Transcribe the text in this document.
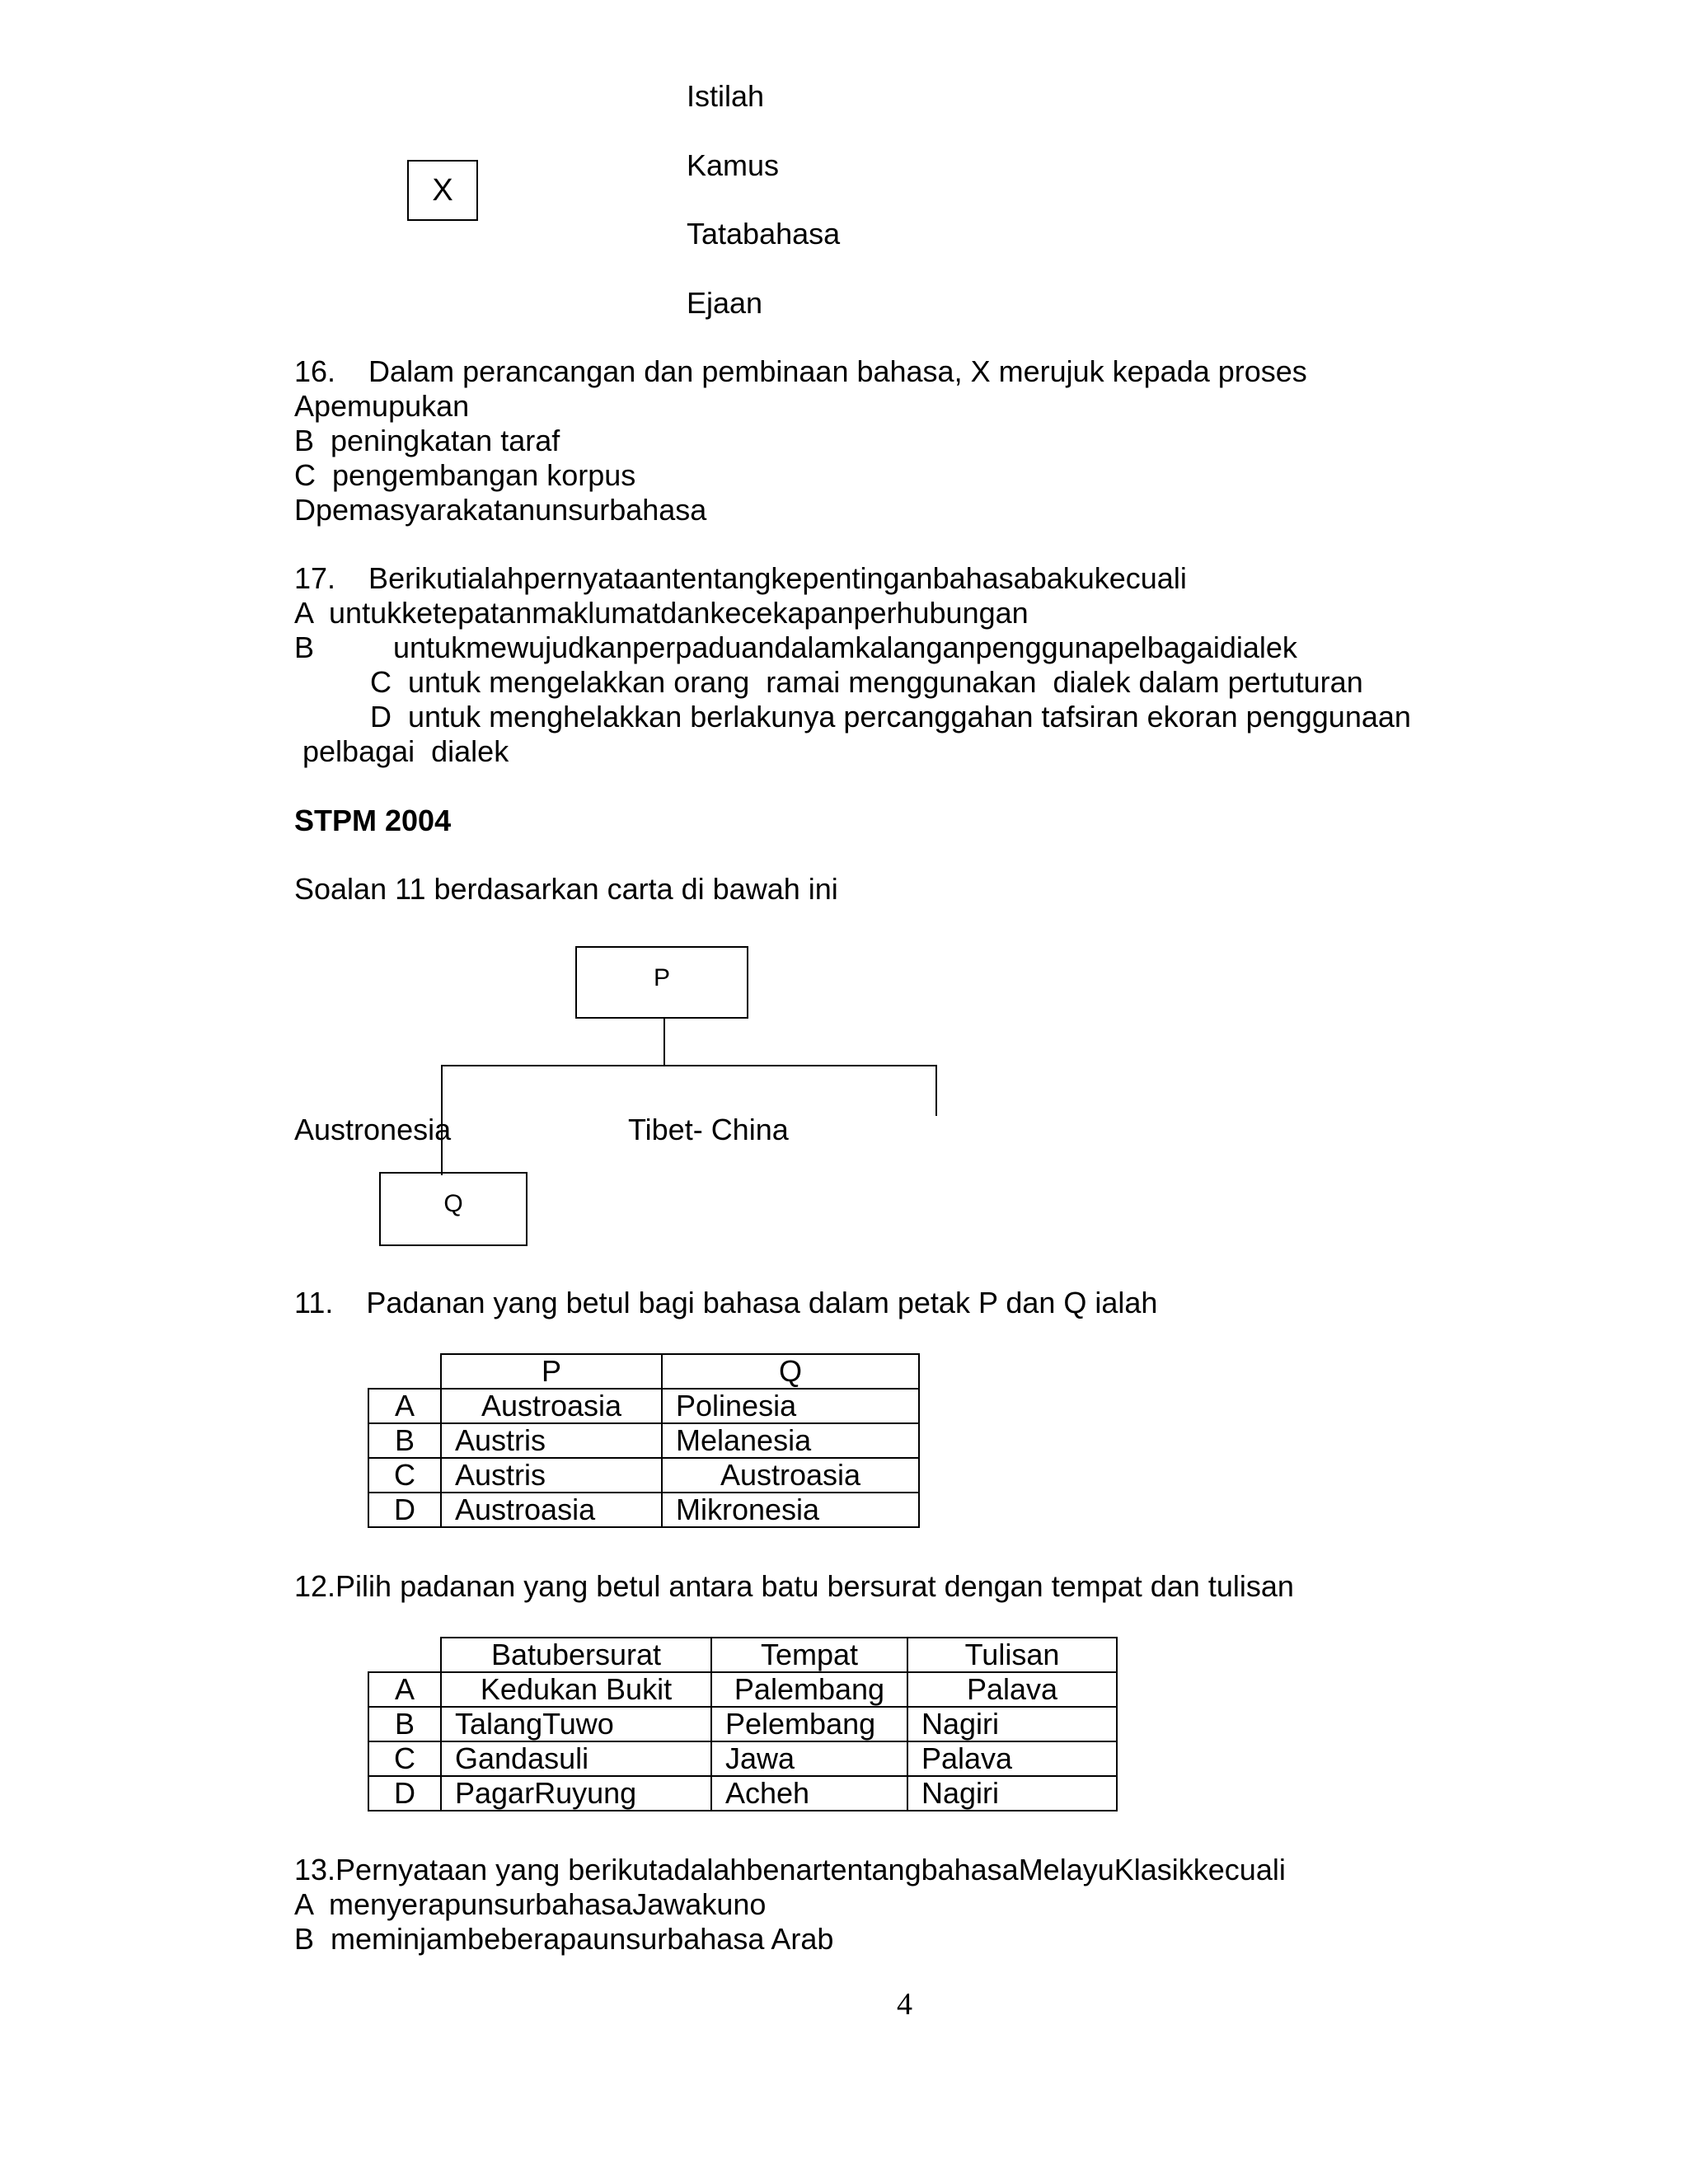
X
Istilah
Kamus
Tatabahasa
Ejaan
16.    Dalam perancangan dan pembinaan bahasa, X merujuk kepada proses
Apemupukan
B  peningkatan taraf
C  pengembangan korpus
Dpemasyarakatanunsurbahasa
17.    Berikutialahpernyataantentangkepentinganbahasabakukecuali
A  untukketepatanmaklumatdankecekapanperhubungan
B	untukmewujudkanperpaduandalamkalanganpenggunapelbagaidialek
C  untuk mengelakkan orang  ramai menggunakan  dialek dalam pertuturan
D  untuk menghelakkan berlakunya percanggahan tafsiran ekoran penggunaan
pelbagai  dialek
STPM 2004
Soalan 11 berdasarkan carta di bawah ini
P
Austronesia	Tibet- China
Q
11.    Padanan yang betul bagi bahasa dalam petak P dan Q ialah
	P	Q
A	Austroasia	Polinesia
B	Austris	Melanesia
C	Austris	Austroasia
D	Austroasia	Mikronesia
12.Pilih padanan yang betul antara batu bersurat dengan tempat dan tulisan
	Batubersurat	Tempat	Tulisan
A	Kedukan Bukit	Palembang	Palava
B	TalangTuwo	Pelembang	Nagiri
C	Gandasuli	Jawa	Palava
D	PagarRuyung	Acheh	Nagiri
13.Pernyataan yang berikutadalahbenartentangbahasaMelayuKlasikkecuali
A  menyerapunsurbahasaJawakuno
B  meminjambeberapaunsurbahasa Arab
4
